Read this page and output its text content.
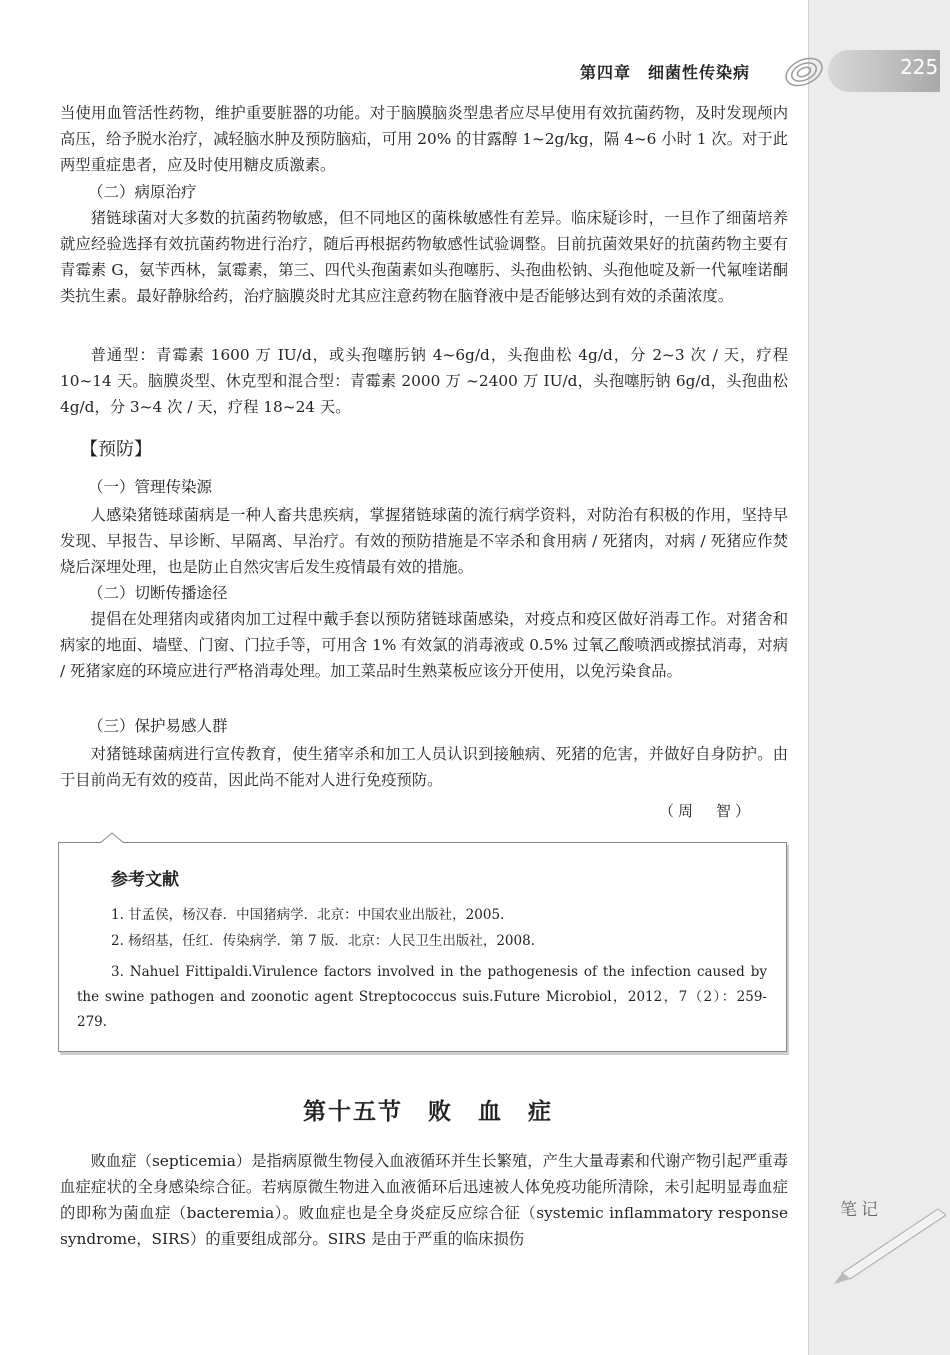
第四章　细菌性传染病	225

当使用血管活性药物，维护重要脏器的功能。对于脑膜脑炎型患者应尽早使用有效抗菌药物，及时发现颅内高压，给予脱水治疗，减轻脑水肿及预防脑疝，可用 20% 的甘露醇 1~2g/kg，隔 4~6 小时 1 次。对于此两型重症患者，应及时使用糖皮质激素。

（二）病原治疗

猪链球菌对大多数的抗菌药物敏感，但不同地区的菌株敏感性有差异。临床疑诊时，一旦作了细菌培养就应经验选择有效抗菌药物进行治疗，随后再根据药物敏感性试验调整。目前抗菌效果好的抗菌药物主要有青霉素 G，氨苄西林，氯霉素，第三、四代头孢菌素如头孢噻肟、头孢曲松钠、头孢他啶及新一代氟喹诺酮类抗生素。最好静脉给药，治疗脑膜炎时尤其应注意药物在脑脊液中是否能够达到有效的杀菌浓度。

普通型：青霉素 1600 万 IU/d，或头孢噻肟钠 4~6g/d，头孢曲松 4g/d，分 2~3 次 / 天，疗程 10~14 天。脑膜炎型、休克型和混合型：青霉素 2000 万 ~2400 万 IU/d，头孢噻肟钠 6g/d，头孢曲松 4g/d，分 3~4 次 / 天，疗程 18~24 天。

【预防】
（一）管理传染源

人感染猪链球菌病是一种人畜共患疾病，掌握猪链球菌的流行病学资料，对防治有积极的作用，坚持早发现、早报告、早诊断、早隔离、早治疗。有效的预防措施是不宰杀和食用病 / 死猪肉，对病 / 死猪应作焚烧后深埋处理，也是防止自然灾害后发生疫情最有效的措施。

（二）切断传播途径

提倡在处理猪肉或猪肉加工过程中戴手套以预防猪链球菌感染，对疫点和疫区做好消毒工作。对猪舍和病家的地面、墙壁、门窗、门拉手等，可用含 1% 有效氯的消毒液或 0.5% 过氧乙酸喷洒或擦拭消毒，对病 / 死猪家庭的环境应进行严格消毒处理。加工菜品时生熟菜板应该分开使用，以免污染食品。

（三）保护易感人群

对猪链球菌病进行宣传教育，使生猪宰杀和加工人员认识到接触病、死猪的危害，并做好自身防护。由于目前尚无有效的疫苗，因此尚不能对人进行免疫预防。

（周　智）
参考文献

1. 甘孟侯，杨汉春．中国猪病学．北京：中国农业出版社，2005.

2. 杨绍基，任红．传染病学．第 7 版．北京：人民卫生出版社，2008.

3. Nahuel Fittipaldi.Virulence factors involved in the pathogenesis of the infection caused by the swine pathogen and zoonotic agent Streptococcus suis.Future Microbiol，2012，7（2）：259-279.

第十五节　败　血　症

败血症（septicemia）是指病原微生物侵入血液循环并生长繁殖，产生大量毒素和代谢产物引起严重毒血症症状的全身感染综合征。若病原微生物进入血液循环后迅速被人体免疫功能所清除，未引起明显毒血症的即称为菌血症（bacteremia）。败血症也是全身炎症反应综合征（systemic inflammatory response syndrome，SIRS）的重要组成部分。SIRS 是由于严重的临床损伤

笔记
